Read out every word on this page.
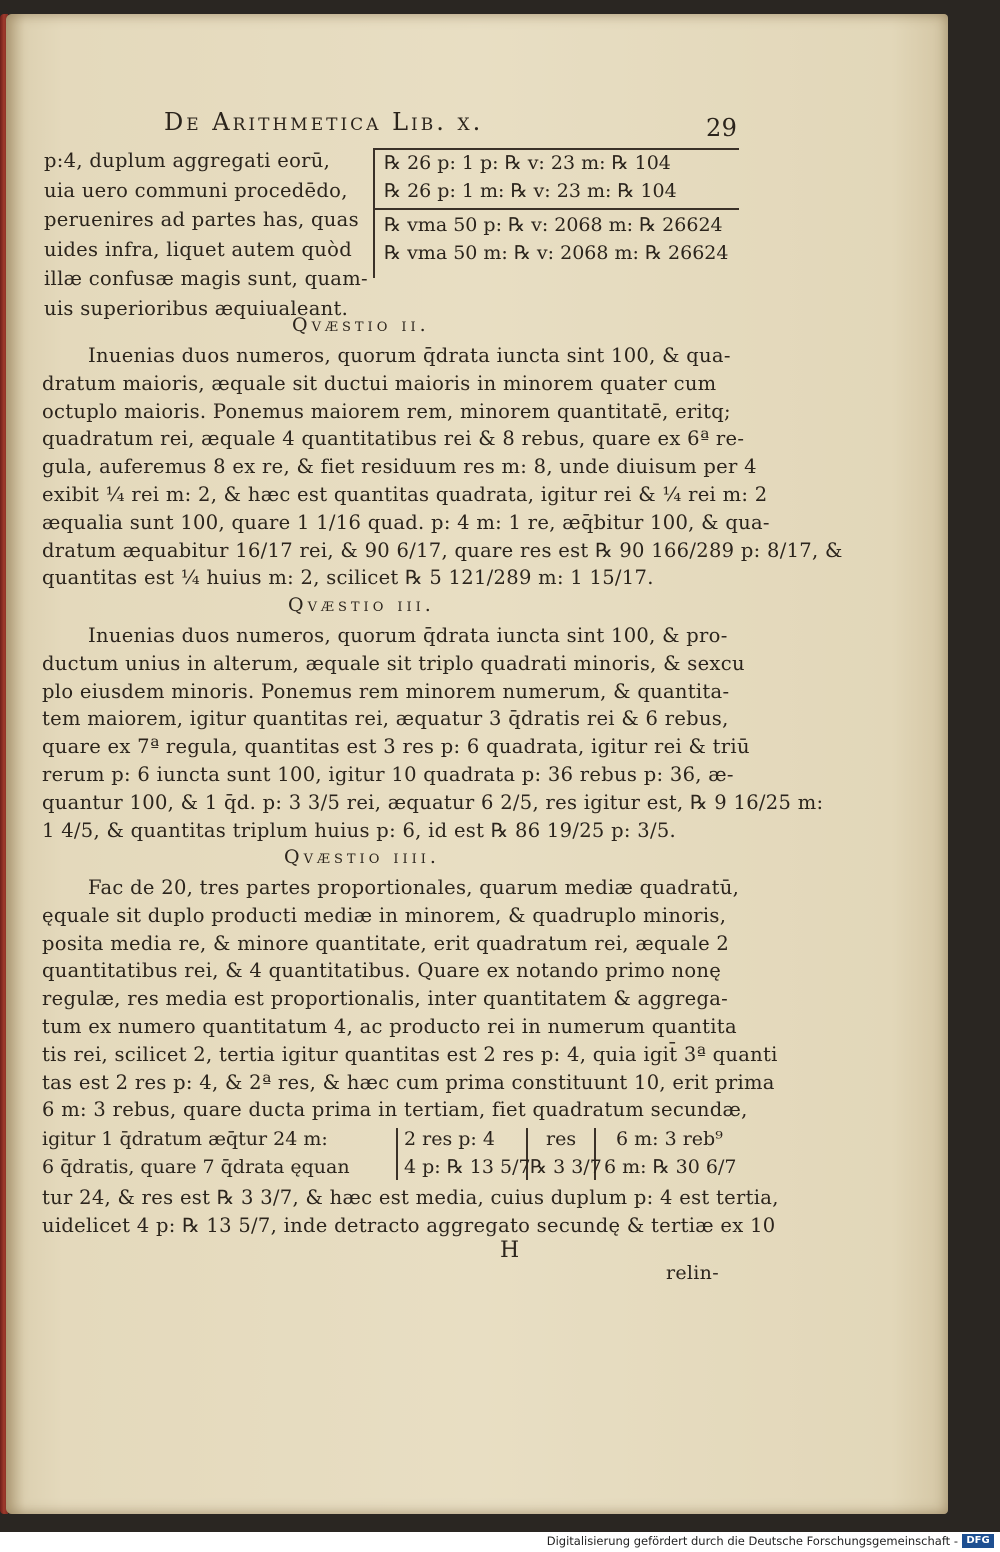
De Arithmetica Lib. x.	29
p:4, duplum aggregati eorū,
uia uero communi procedēdo,
peruenires ad partes has, quas
uides infra, liquet autem quòd
illæ confusæ magis sunt, quam-
uis superioribus æquiualeant.
℞ 26 p: 1 p: ℞ v: 23 m: ℞ 104
℞ 26 p: 1 m: ℞ v: 23 m: ℞ 104
℞ vma 50 p: ℞ v: 2068 m: ℞ 26624
℞ vma 50 m: ℞ v: 2068 m: ℞ 26624
Qvæstio ii.
Inuenias duos numeros, quorum q̄drata iuncta sint 100, & qua-
dratum maioris, æquale sit ductui maioris in minorem quater cum
octuplo maioris. Ponemus maiorem rem, minorem quantitatē, eritq;
quadratum rei, æquale 4 quantitatibus rei & 8 rebus, quare ex 6ª re-
gula, auferemus 8 ex re, & fiet residuum res m: 8, unde diuisum per 4
exibit ¼ rei m: 2, & hæc est quantitas quadrata, igitur rei & ¼ rei m: 2
æqualia sunt 100, quare 1 1/16 quad. p: 4 m: 1 re, æq̄bitur 100, & qua-
dratum æquabitur 16/17 rei, & 90 6/17, quare res est ℞ 90 166/289 p: 8/17, &
quantitas est ¼ huius m: 2, scilicet ℞ 5 121/289 m: 1 15/17.
Qvæstio iii.
Inuenias duos numeros, quorum q̄drata iuncta sint 100, & pro-
ductum unius in alterum, æquale sit triplo quadrati minoris, & sexcu
plo eiusdem minoris. Ponemus rem minorem numerum, & quantita-
tem maiorem, igitur quantitas rei, æquatur 3 q̄dratis rei & 6 rebus,
quare ex 7ª regula, quantitas est 3 res p: 6 quadrata, igitur rei & triū
rerum p: 6 iuncta sunt 100, igitur 10 quadrata p: 36 rebus p: 36, æ-
quantur 100, & 1 q̄d. p: 3 3/5 rei, æquatur 6 2/5, res igitur est, ℞ 9 16/25 m:
1 4/5, & quantitas triplum huius p: 6, id est ℞ 86 19/25 p: 3/5.
Qvæstio iiii.
Fac de 20, tres partes proportionales, quarum mediæ quadratū,
ęquale sit duplo producti mediæ in minorem, & quadruplo minoris,
posita media re, & minore quantitate, erit quadratum rei, æquale 2
quantitatibus rei, & 4 quantitatibus. Quare ex notando primo nonę
regulæ, res media est proportionalis, inter quantitatem & aggrega-
tum ex numero quantitatum 4, ac producto rei in numerum quantita
tis rei, scilicet 2, tertia igitur quantitas est 2 res p: 4, quia igit̄ 3ª quanti
tas est 2 res p: 4, & 2ª res, & hæc cum prima constituunt 10, erit prima
6 m: 3 rebus, quare ducta prima in tertiam, fiet quadratum secundæ,
igitur 1 q̄dratum æq̄tur 24 m:
6 q̄dratis, quare 7 q̄drata ęquan
2 res p: 4	res 6 m: 3 reb⁹
4 p: ℞ 13 5/7 ℞ 3 3/7 6 m: ℞ 30 6/7
tur 24, & res est ℞ 3 3/7, & hæc est media, cuius duplum p: 4 est tertia,
uidelicet 4 p: ℞ 13 5/7, inde detracto aggregato secundę & tertiæ ex 10
H
relin-
Digitalisierung gefördert durch die Deutsche Forschungsgemeinschaft - DFG
